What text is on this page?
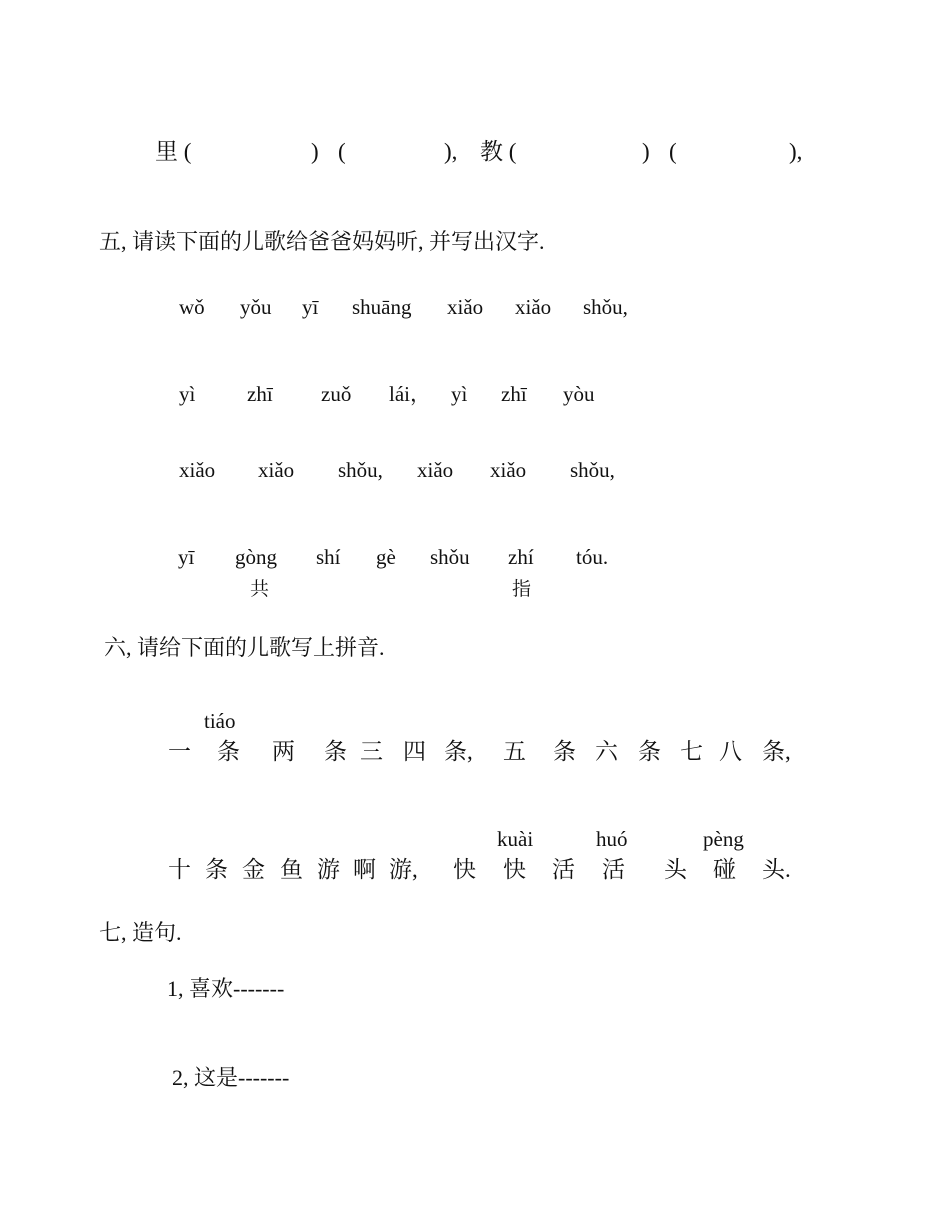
里 (	) (	), 教 (	) (	),
五, 请读下面的儿歌给爸爸妈妈听, 并写出汉字.
wǒ yǒu yī shuāng xiǎo xiǎo shǒu,
yì zhī zuǒ lái， yì zhī yòu
xiǎo xiǎo shǒu, xiǎo xiǎo shǒu,
yī gòng shí gè shǒu zhí tóu.
共	指
六, 请给下面的儿歌写上拼音.
tiáo
一 条 两 条 三 四 条, 五 条 六 条 七 八 条,
kuài	huó	pèng
十 条 金 鱼 游 啊 游, 快 快 活 活 头 碰 头.
七, 造句.
1, 喜欢-------
2, 这是-------
